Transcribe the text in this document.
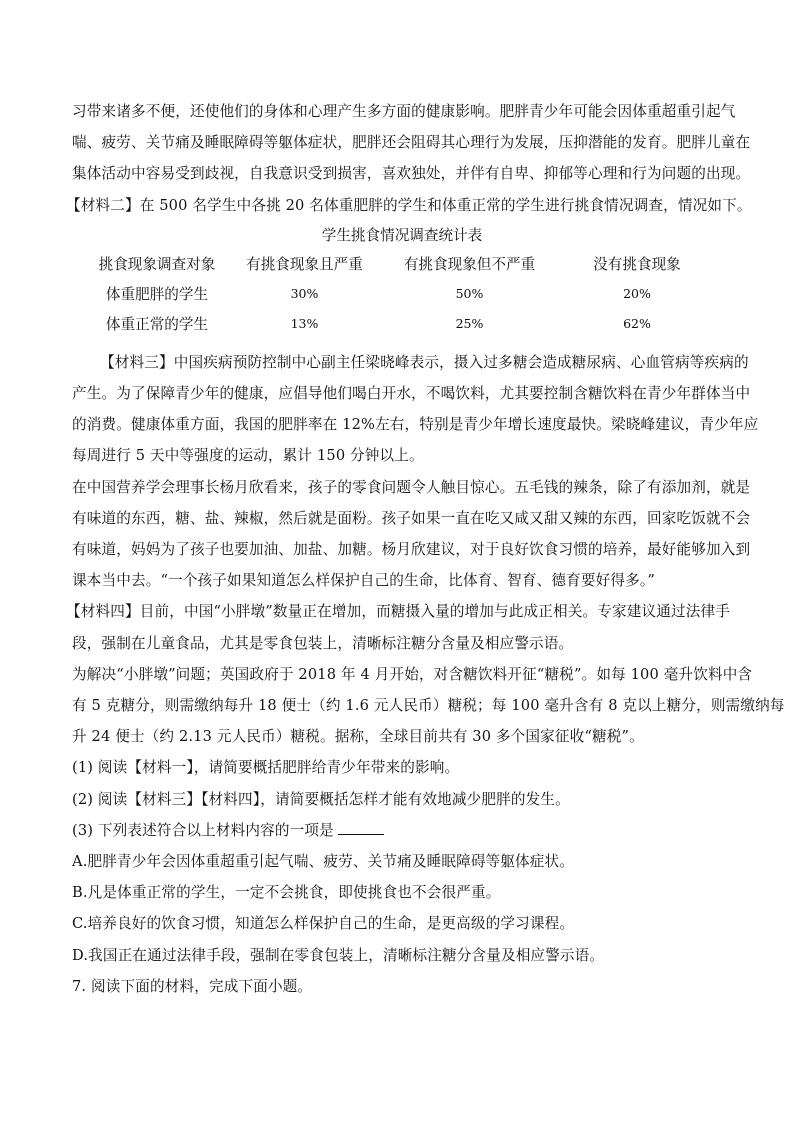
习带来诸多不便，还使他们的身体和心理产生多方面的健康影响。肥胖青少年可能会因体重超重引起气
喘、疲劳、关节痛及睡眠障碍等躯体症状，肥胖还会阻碍其心理行为发展，压抑潜能的发育。肥胖儿童在
集体活动中容易受到歧视，自我意识受到损害，喜欢独处，并伴有自卑、抑郁等心理和行为问题的出现。
【材料二】在 500 名学生中各挑 20 名体重肥胖的学生和体重正常的学生进行挑食情况调查，情况如下。
学生挑食情况调查统计表
挑食现象调查对象	有挑食现象且严重	有挑食现象但不严重	没有挑食现象
体重肥胖的学生	30%	50%	20%
体重正常的学生	13%	25%	62%
【材料三】中国疾病预防控制中心副主任梁晓峰表示，摄入过多糖会造成糖尿病、心血管病等疾病的
产生。为了保障青少年的健康，应倡导他们喝白开水，不喝饮料，尤其要控制含糖饮料在青少年群体当中
的消费。健康体重方面，我国的肥胖率在 12%左右，特别是青少年增长速度最快。梁晓峰建议，青少年应
每周进行 5 天中等强度的运动，累计 150 分钟以上。
在中国营养学会理事长杨月欣看来，孩子的零食问题令人触目惊心。五毛钱的辣条，除了有添加剂，就是
有味道的东西，糖、盐、辣椒，然后就是面粉。孩子如果一直在吃又咸又甜又辣的东西，回家吃饭就不会
有味道，妈妈为了孩子也要加油、加盐、加糖。杨月欣建议，对于良好饮食习惯的培养，最好能够加入到
课本当中去。“一个孩子如果知道怎么样保护自己的生命，比体育、智育、德育要好得多。”
【材料四】目前，中国“小胖墩”数量正在增加，而糖摄入量的增加与此成正相关。专家建议通过法律手
段，强制在儿童食品，尤其是零食包装上，清晰标注糖分含量及相应警示语。
为解决“小胖墩”问题；英国政府于 2018 年 4 月开始，对含糖饮料开征“糖税”。如每 100 毫升饮料中含
有 5 克糖分，则需缴纳每升 18 便士（约 1.6 元人民币）糖税；每 100 毫升含有 8 克以上糖分，则需缴纳每
升 24 便士（约 2.13 元人民币）糖税。据称，全球目前共有 30 多个国家征收“糖税”。
(1) 阅读【材料一】，请简要概括肥胖给青少年带来的影响。
(2) 阅读【材料三】【材料四】，请简要概括怎样才能有效地减少肥胖的发生。
(3) 下列表述符合以上材料内容的一项是
A.肥胖青少年会因体重超重引起气喘、疲劳、关节痛及睡眠障碍等躯体症状。
B.凡是体重正常的学生，一定不会挑食，即使挑食也不会很严重。
C.培养良好的饮食习惯，知道怎么样保护自己的生命，是更高级的学习课程。
D.我国正在通过法律手段，强制在零食包装上，清晰标注糖分含量及相应警示语。
7. 阅读下面的材料，完成下面小题。
